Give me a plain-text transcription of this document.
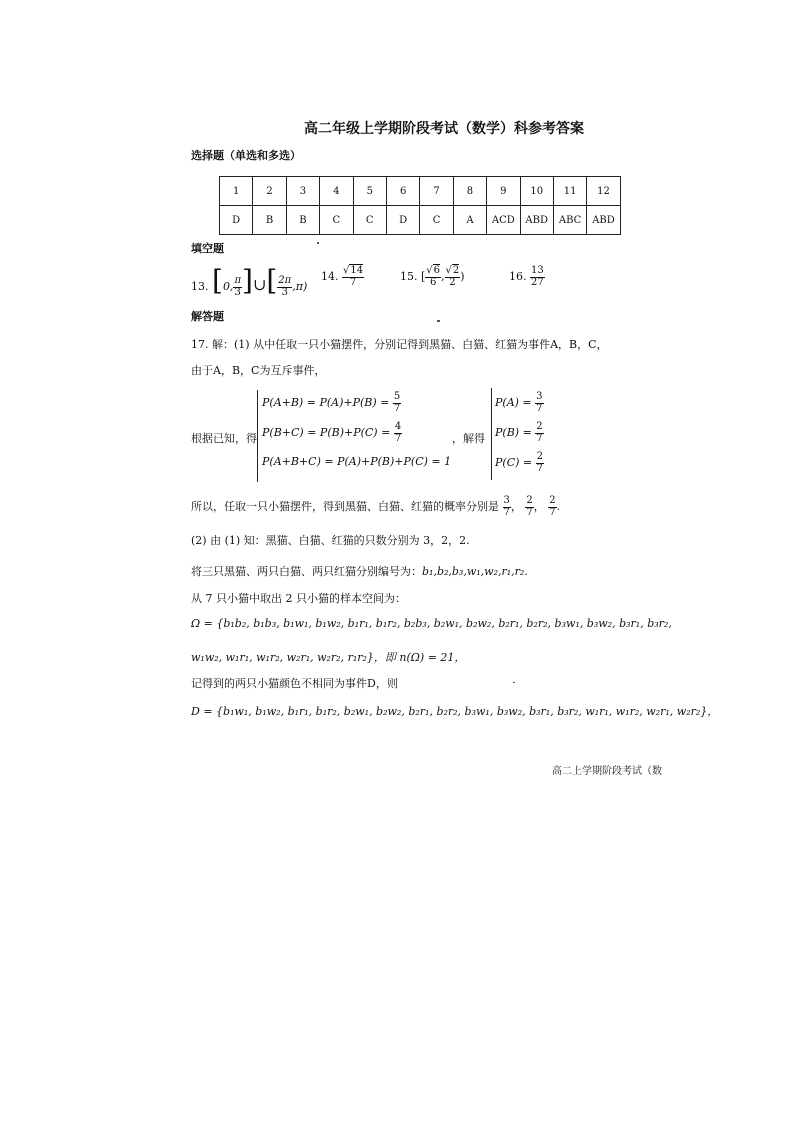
高二年级上学期阶段考试（数学）科参考答案
选择题（单选和多选）
1	2	3	4	5	6	7	8	9	10	11	12
D	B	B	C	C	D	C	A	ACD	ABD	ABC	ABD
填空题
13. [0, $\frac{\pi}{3}$ ]∪[ $\frac{2\pi}{3} ,\pi$)
14. $\frac{√14}{7}$	15. [ $\frac{√6}{6}$ , $\frac{√2}{2}$ )	16. $\frac{13}{27}$
解答题
17. 解：(1) 从中任取一只小猫摆件，分别记得到黑猫、白猫、红猫为事件A，B，C，
由于A，B，C为互斥事件，
根据已知，得
$P(A+B) = P(A)+P(B) = \frac{5}{7}$
$P(B+C) = P(B)+P(C) = \frac{4}{7}$
P(A+B+C) = P(A)+P(B)+P(C) = 1
，解得
$P(A) = \frac{3}{7}$
$P(B) = \frac{2}{7}$
$P(C) = \frac{2}{7}$
所以，任取一只小猫摆件，得到黑猫、白猫、红猫的概率分别是 $\frac{3}{7}$ ， $\frac{2}{7}$ ， $\frac{2}{7}$ .
(2) 由 (1) 知：黑猫、白猫、红猫的只数分别为 3，2，2.
将三只黑猫、两只白猫、两只红猫分别编号为：b₁,b₂,b₃,w₁,w₂,r₁,r₂.
从 7 只小猫中取出 2 只小猫的样本空间为：
Ω = {b₁b₂, b₁b₃, b₁w₁, b₁w₂, b₁r₁, b₁r₂, b₂b₃, b₂w₁, b₂w₂, b₂r₁, b₂r₂, b₃w₁, b₃w₂, b₃r₁, b₃r₂,
w₁w₂, w₁r₁, w₁r₂, w₂r₁, w₂r₂, r₁r₂}，即 n(Ω) = 21，
记得到的两只小猫颜色不相同为事件D，则
D = {b₁w₁, b₁w₂, b₁r₁, b₁r₂, b₂w₁, b₂w₂, b₂r₁, b₂r₂, b₃w₁, b₃w₂, b₃r₁, b₃r₂, w₁r₁, w₁r₂, w₂r₁, w₂r₂}，
高二上学期阶段考试（数
